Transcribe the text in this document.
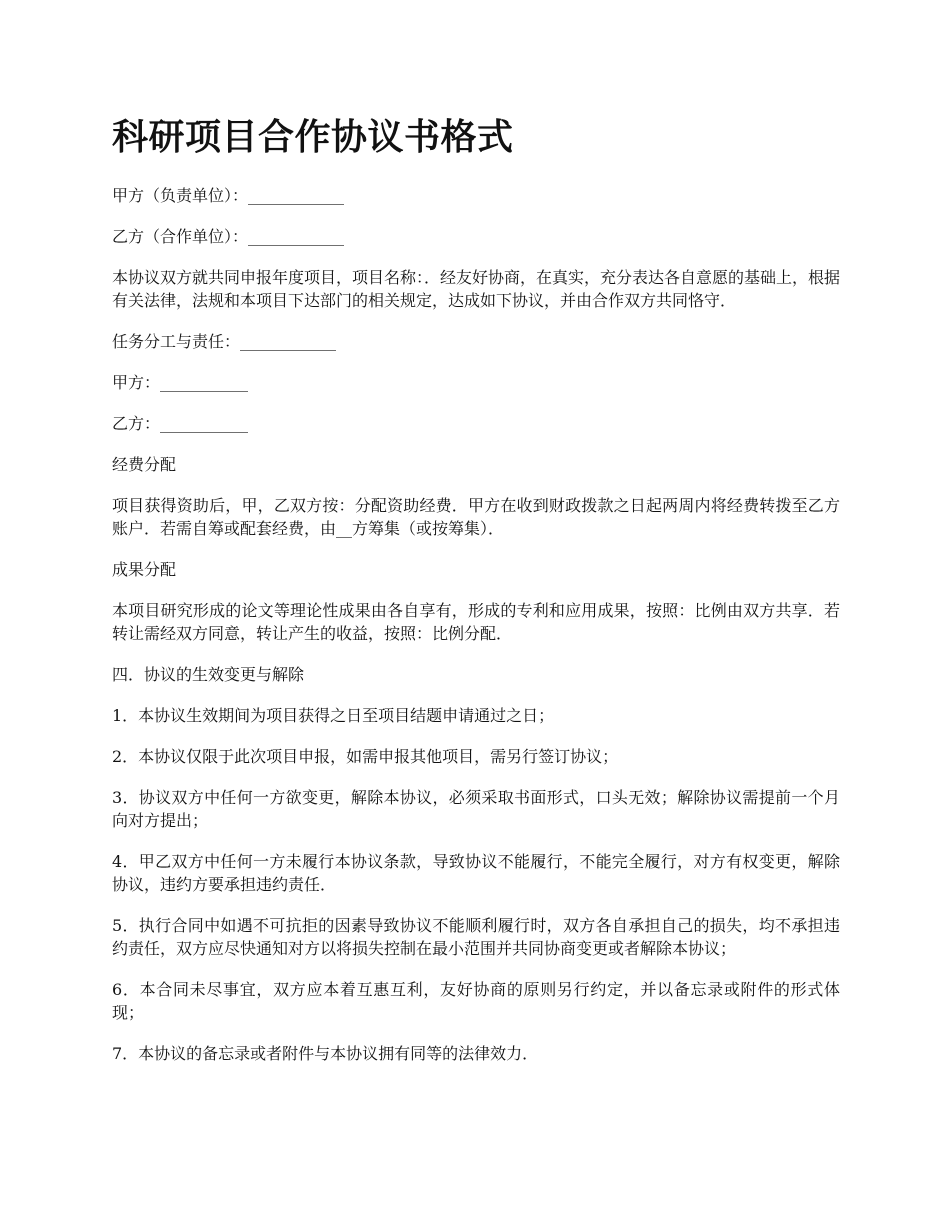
科研项目合作协议书格式

甲方（负责单位）：____________

乙方（合作单位）：____________

本协议双方就共同申报年度项目，项目名称：．经友好协商，在真实，充分表达各自意愿的基础上，根据有关法律，法规和本项目下达部门的相关规定，达成如下协议，并由合作双方共同恪守．

任务分工与责任：____________

甲方：___________

乙方：___________

经费分配

项目获得资助后，甲，乙双方按：分配资助经费．甲方在收到财政拨款之日起两周内将经费转拨至乙方账户．若需自筹或配套经费，由__方筹集（或按筹集）．

成果分配

本项目研究形成的论文等理论性成果由各自享有，形成的专利和应用成果，按照：比例由双方共享．若转让需经双方同意，转让产生的收益，按照：比例分配．

四．协议的生效变更与解除

1．本协议生效期间为项目获得之日至项目结题申请通过之日；

2．本协议仅限于此次项目申报，如需申报其他项目，需另行签订协议；

3．协议双方中任何一方欲变更，解除本协议，必须采取书面形式，口头无效；解除协议需提前一个月向对方提出；

4．甲乙双方中任何一方未履行本协议条款，导致协议不能履行，不能完全履行，对方有权变更，解除协议，违约方要承担违约责任．

5．执行合同中如遇不可抗拒的因素导致协议不能顺利履行时，双方各自承担自己的损失，均不承担违约责任，双方应尽快通知对方以将损失控制在最小范围并共同协商变更或者解除本协议；

6．本合同未尽事宜，双方应本着互惠互利，友好协商的原则另行约定，并以备忘录或附件的形式体现；

7．本协议的备忘录或者附件与本协议拥有同等的法律效力．
